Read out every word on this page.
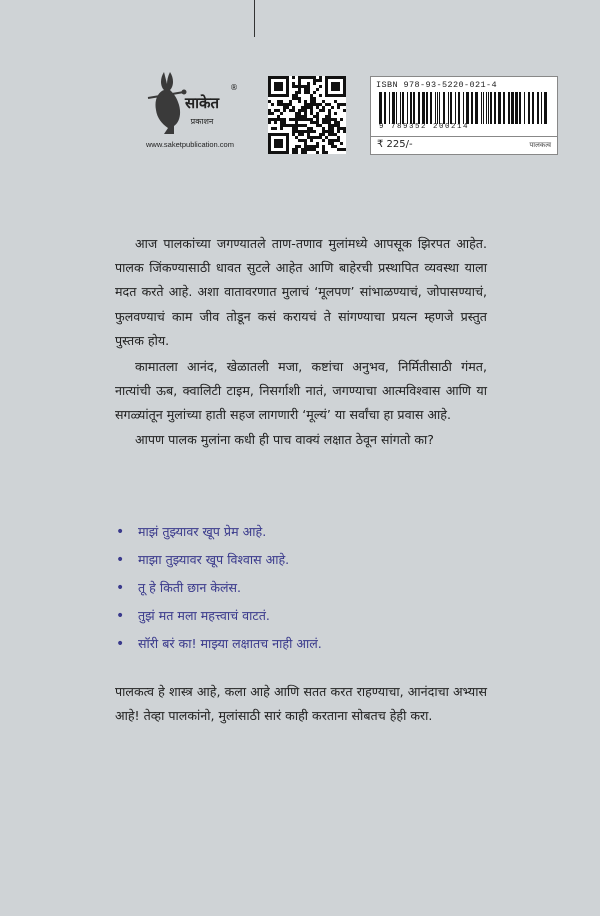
साकेत
प्रकाशन
®
www.saketpublication.com
ISBN 978-93-5220-021-4
9 789352 200214
₹ 225/-	पालकत्व

आज पालकांच्या जगण्यातले ताण-तणाव मुलांमध्ये आपसूक झिरपत आहेत. पालक जिंकण्यासाठी धावत सुटले आहेत आणि बाहेरची प्रस्थापित व्यवस्था याला मदत करते आहे. अशा वातावरणात मुलाचं ‘मूलपण’ सांभाळण्याचं, जोपासण्याचं, फुलवण्याचं काम जीव तोडून कसं करायचं ते सांगण्याचा प्रयत्न म्हणजे प्रस्तुत पुस्तक होय.

कामातला आनंद, खेळातली मजा, कष्टांचा अनुभव, निर्मितीसाठी गंमत, नात्यांची ऊब, क्वालिटी टाइम, निसर्गाशी नातं, जगण्याचा आत्मविश्वास आणि या सगळ्यांतून मुलांच्या हाती सहज लागणारी ‘मूल्यं’ या सर्वांचा हा प्रवास आहे.

आपण पालक मुलांना कधी ही पाच वाक्यं लक्षात ठेवून सांगतो का?

• माझं तुझ्यावर खूप प्रेम आहे.
• माझा तुझ्यावर खूप विश्वास आहे.
• तू हे किती छान केलंस.
• तुझं मत मला महत्त्वाचं वाटतं.
• सॉरी बरं का! माझ्या लक्षातच नाही आलं.

पालकत्व हे शास्त्र आहे, कला आहे आणि सतत करत राहण्याचा, आनंदाचा अभ्यास आहे! तेव्हा पालकांनो, मुलांसाठी सारं काही करताना सोबतच हेही करा.
